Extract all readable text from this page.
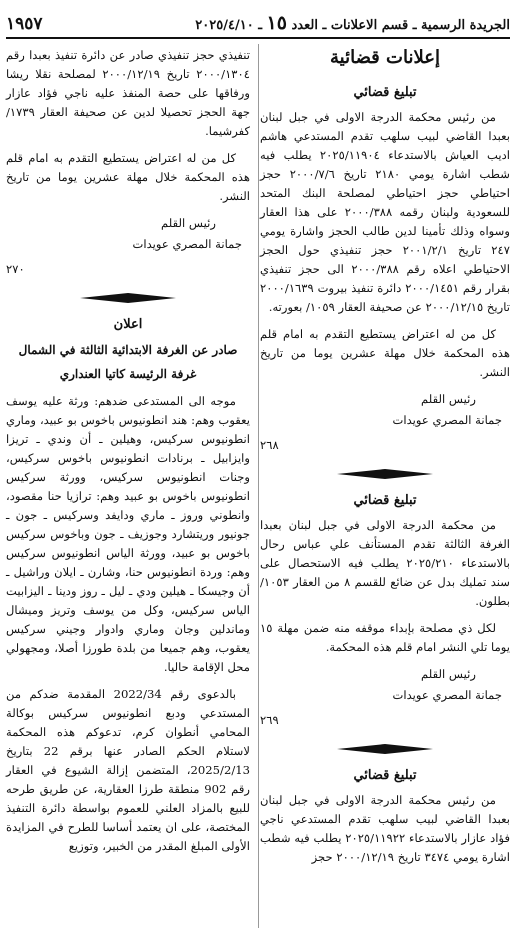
الجريدة الرسمية ـ قسم الاعلانات ـ العدد ١٥ ـ ٢٠٢٥/٤/١٠
١٩٥٧
إعلانات قضائية
تبليغ قضائي

من رئيس محكمة الدرجة الاولى في جبل لبنان بعبدا القاضي لبيب سلهب تقدم المستدعي هاشم اديب العياش بالاستدعاء ٢٠٢٥/١١٩٠٤ يطلب فيه شطب اشارة يومي ٢١٨٠ تاريخ ٢٠٠٠/٧/٦ حجز احتياطي حجز احتياطي لمصلحة البنك المتحد للسعودية ولبنان رقمه ٢٠٠٠/٣٨٨ على هذا العقار وسواه وذلك تأمينا لدين طالب الحجز واشارة يومي ٢٤٧ تاريخ ٢٠٠١/٢/١ حجز تنفيذي حول الحجز الاحتياطي اعلاه رقم ٢٠٠٠/٣٨٨ الى حجز تنفيذي بقرار رقم ٢٠٠٠/١٤٥١ دائرة تنفيذ بيروت ٢٠٠٠/١٦٣٩ تاريخ ٢٠٠٠/١٢/١٥ عن صحيفة العقار ١٠٥٩/ بعورته.

كل من له اعتراض يستطيع التقدم به امام قلم هذه المحكمة خلال مهلة عشرين يوما من تاريخ النشر.

رئيس القلم
جمانة المصري عويدات
٢٦٨
تبليغ قضائي

من محكمة الدرجة الاولى في جبل لبنان بعبدا الغرفة الثالثة تقدم المستأنف علي عباس رحال بالاستدعاء ٢٠٢٥/٢١٠ يطلب فيه الاستحصال على سند تمليك بدل عن ضائع للقسم ٨ من العقار ١٠٥٣/ بطلون.

لكل ذي مصلحة بإبداء موقفه منه ضمن مهلة ١٥ يوما تلي النشر امام قلم هذه المحكمة.

رئيس القلم
جمانة المصري عويدات
٢٦٩
تبليغ قضائي

من رئيس محكمة الدرجة الاولى في جبل لبنان بعبدا القاضي لبيب سلهب تقدم المستدعي ناجي فؤاد عازار بالاستدعاء ٢٠٢٥/١١٩٢٢ يطلب فيه شطب اشارة يومي ٣٤٧٤ تاريخ ٢٠٠٠/١٢/١٩ حجز

تنفيذي حجز تنفيذي صادر عن دائرة تنفيذ بعبدا رقم ٢٠٠٠/١٣٠٤ تاريخ ٢٠٠٠/١٢/١٩ لمصلحة نقلا ريشا ورفاقها على حصة المنفذ عليه ناجي فؤاد عازار جهة الحجز تحصيلا لدين عن صحيفة العقار ١٧٣٩/ كفرشيما.

كل من له اعتراض يستطيع التقدم به امام قلم هذه المحكمة خلال مهلة عشرين يوما من تاريخ النشر.

رئيس القلم
جمانة المصري عويدات
٢٧٠
اعلان
صادر عن الغرفة الابتدائية الثالثة في الشمال
غرفة الرئيسة كاتيا العنداري

موجه الى المستدعى ضدهم: ورثة عليه يوسف يعقوب وهم: هند انطونيوس باخوس بو عبيد، وماري انطونيوس سركيس، وهيلين ـ أن وندي ـ تريزا وايزابيل ـ برنادات انطونيوس باخوس سركيس، وجنات انطونيوس سركيس، وورثة سركيس انطونيوس باخوس بو عبيد وهم: ترازيا حنا مقصود، وانطوني وروز ـ ماري ودايفد وسركيس ـ جون ـ جونيور وريتشارد وجوزيف ـ جون وباخوس سركيس باخوس بو عبيد، وورثة الياس انطونيوس سركيس وهم: وردة انطونيوس حنا، وشارن ـ ايلان وراشيل ـ أن وجيسكا ـ هيلين ودي ـ ليل ـ روز ودينا ـ اليزابيت الياس سركيس، وكل من يوسف وتريز وميشال وماندلين وجان وماري وادوار وجيني سركيس يعقوب، وهم جميعا من بلدة طورزا أصلا، ومجهولي محل الإقامة حاليا.

بالدعوى رقم 2022/34 المقدمة ضدكم من المستدعي ودبع انطونيوس سركيس بوكالة المحامي أنطوان كرم، تدعوكم هذه المحكمة لاستلام الحكم الصادر عنها برقم 22 بتاريخ 2025/2/13، المتضمن إزالة الشيوع في العقار رقم 902 منطقة طرزا العقارية، عن طريق طرحه للبيع بالمزاد العلني للعموم بواسطة دائرة التنفيذ المختصة، على ان يعتمد أساسا للطرح في المزايدة الأولى المبلغ المقدر من الخبير، وتوزيع
